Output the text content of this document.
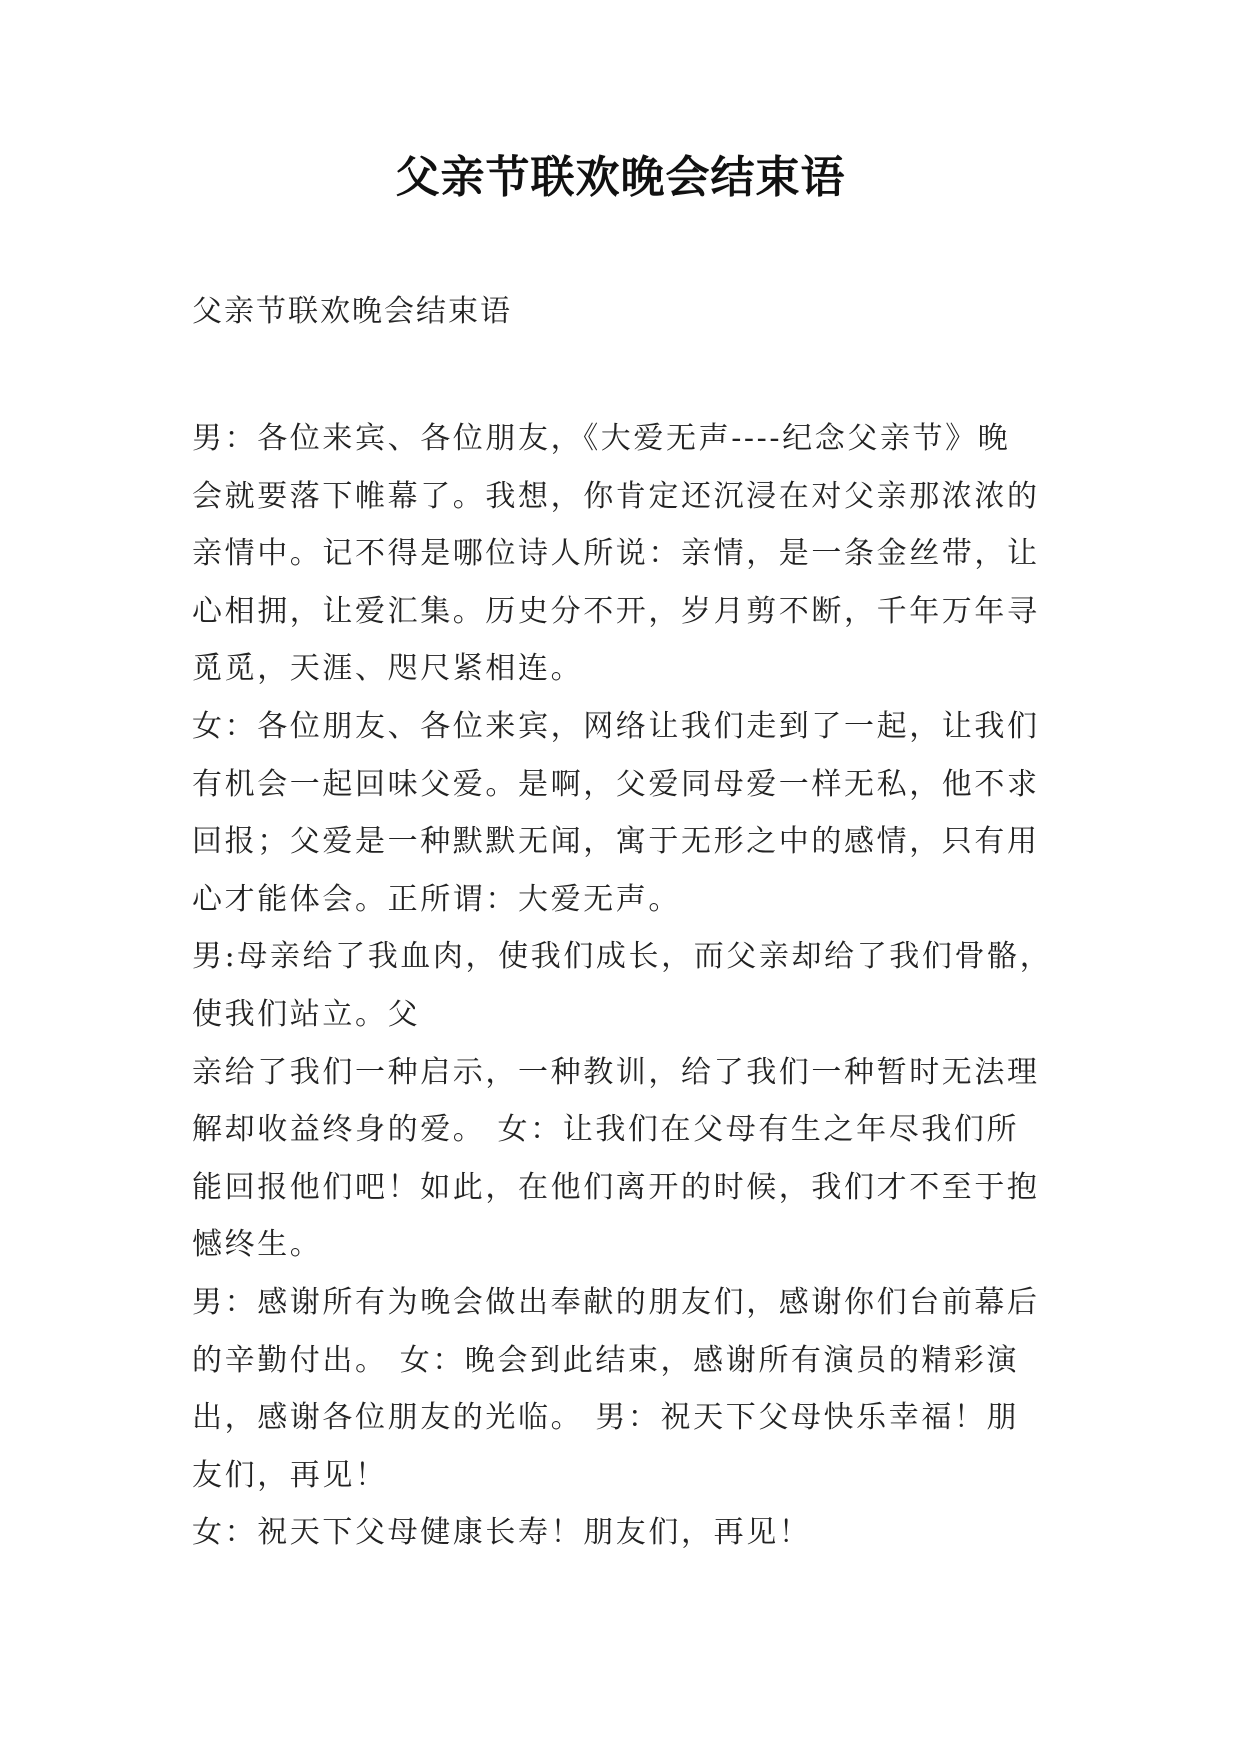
父亲节联欢晚会结束语
父亲节联欢晚会结束语
男：各位来宾、各位朋友，《大爱无声----纪念父亲节》晚
会就要落下帷幕了。我想，你肯定还沉浸在对父亲那浓浓的
亲情中。记不得是哪位诗人所说：亲情，是一条金丝带，让
心相拥，让爱汇集。历史分不开，岁月剪不断，千年万年寻
觅觅，天涯、咫尺紧相连。
女：各位朋友、各位来宾，网络让我们走到了一起，让我们
有机会一起回味父爱。是啊，父爱同母爱一样无私，他不求
回报；父爱是一种默默无闻，寓于无形之中的感情，只有用
心才能体会。正所谓：大爱无声。
男:母亲给了我血肉，使我们成长，而父亲却给了我们骨骼，
使我们站立。父
亲给了我们一种启示，一种教训，给了我们一种暂时无法理
解却收益终身的爱。 女：让我们在父母有生之年尽我们所
能回报他们吧！如此，在他们离开的时候，我们才不至于抱
憾终生。
男：感谢所有为晚会做出奉献的朋友们，感谢你们台前幕后
的辛勤付出。 女：晚会到此结束，感谢所有演员的精彩演
出，感谢各位朋友的光临。 男：祝天下父母快乐幸福！朋
友们，再见！
女：祝天下父母健康长寿！朋友们，再见！
